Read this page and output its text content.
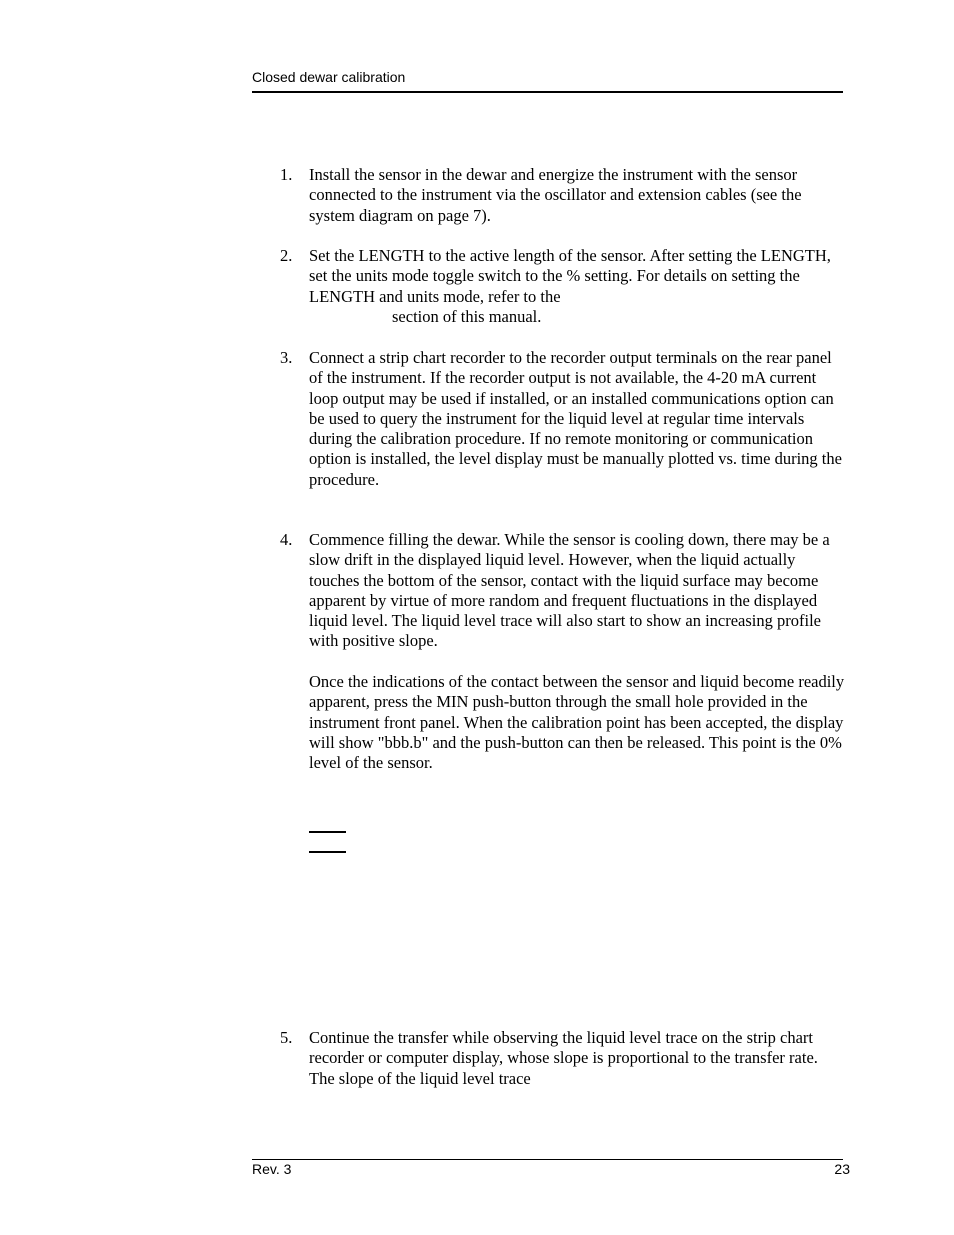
Closed dewar calibration
1. Install the sensor in the dewar and energize the instrument with the sensor connected to the instrument via the oscillator and extension cables (see the system diagram on page 7).

2. Set the LENGTH to the active length of the sensor. After setting the LENGTH, set the units mode toggle switch to the % setting. For details on setting the LENGTH and units mode, refer to the

section of this manual.

3. Connect a strip chart recorder to the recorder output terminals on the rear panel of the instrument. If the recorder output is not available, the 4-20 mA current loop output may be used if installed, or an installed communications option can be used to query the instrument for the liquid level at regular time intervals during the calibration procedure. If no remote monitoring or communication option is installed, the level display must be manually plotted vs. time during the procedure.

4. Commence filling the dewar. While the sensor is cooling down, there may be a slow drift in the displayed liquid level. However, when the liquid actually touches the bottom of the sensor, contact with the liquid surface may become apparent by virtue of more random and frequent fluctuations in the displayed liquid level. The liquid level trace will also start to show an increasing profile with positive slope.

Once the indications of the contact between the sensor and liquid become readily apparent, press the MIN push-button through the small hole provided in the instrument front panel. When the calibration point has been accepted, the display will show "bbb.b" and the push-button can then be released. This point is the 0% level of the sensor.

5. Continue the transfer while observing the liquid level trace on the strip chart recorder or computer display, whose slope is proportional to the transfer rate. The slope of the liquid level trace

Rev. 3	23
